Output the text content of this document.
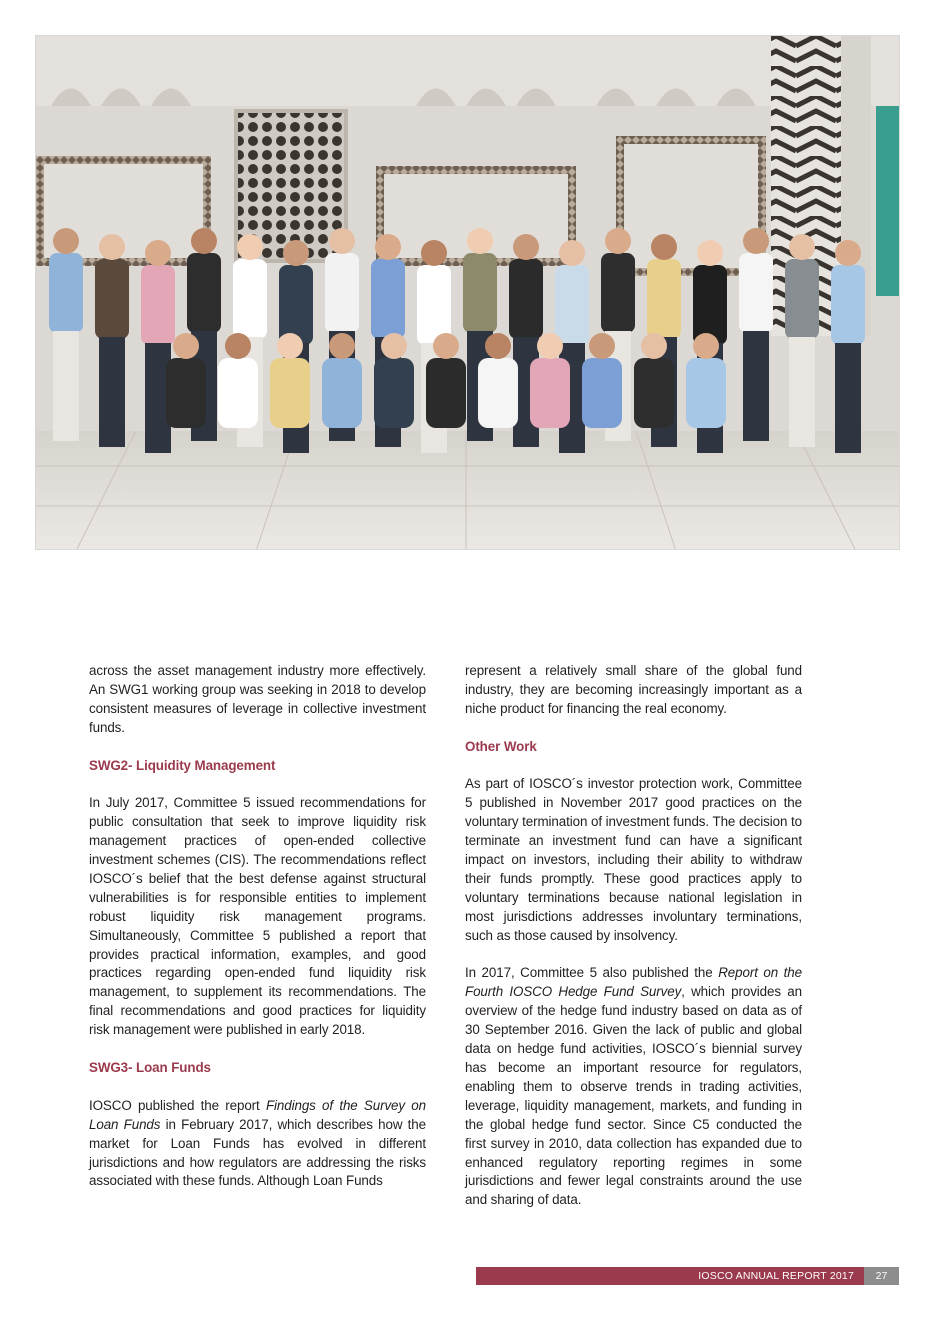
across the asset management industry more effectively. An SWG1 working group was seeking in 2018 to develop consistent measures of leverage in collective investment funds.

SWG2- Liquidity Management

In July 2017, Committee 5 issued recommendations for public consultation that seek to improve liquidity risk management practices of open-ended collective investment schemes (CIS). The recommendations reflect IOSCO´s belief that the best defense against structural vulnerabilities is for responsible entities to implement robust liquidity risk management programs. Simultaneously, Committee 5 published a report that provides practical information, examples, and good practices regarding open-ended fund liquidity risk management, to supplement its recommendations. The final recommendations and good practices for liquidity risk management were published in early 2018.

SWG3- Loan Funds

IOSCO published the report Findings of the Survey on Loan Funds in February 2017, which describes how the market for Loan Funds has evolved in different jurisdictions and how regulators are addressing the risks associated with these funds. Although Loan Funds

represent a relatively small share of the global fund industry, they are becoming increasingly important as a niche product for financing the real economy.

Other Work

As part of IOSCO´s investor protection work, Committee 5 published in November 2017 good practices on the voluntary termination of investment funds. The decision to terminate an investment fund can have a significant impact on investors, including their ability to withdraw their funds promptly. These good practices apply to voluntary terminations because national legislation in most jurisdictions addresses involuntary terminations, such as those caused by insolvency.

In 2017, Committee 5 also published the Report on the Fourth IOSCO Hedge Fund Survey, which provides an overview of the hedge fund industry based on data as of 30 September 2016. Given the lack of public and global data on hedge fund activities, IOSCO´s biennial survey has become an important resource for regulators, enabling them to observe trends in trading activities, leverage, liquidity management, markets, and funding in the global hedge fund sector. Since C5 conducted the first survey in 2010, data collection has expanded due to enhanced regulatory reporting regimes in some jurisdictions and fewer legal constraints around the use and sharing of data.

IOSCO ANNUAL REPORT 2017	27
